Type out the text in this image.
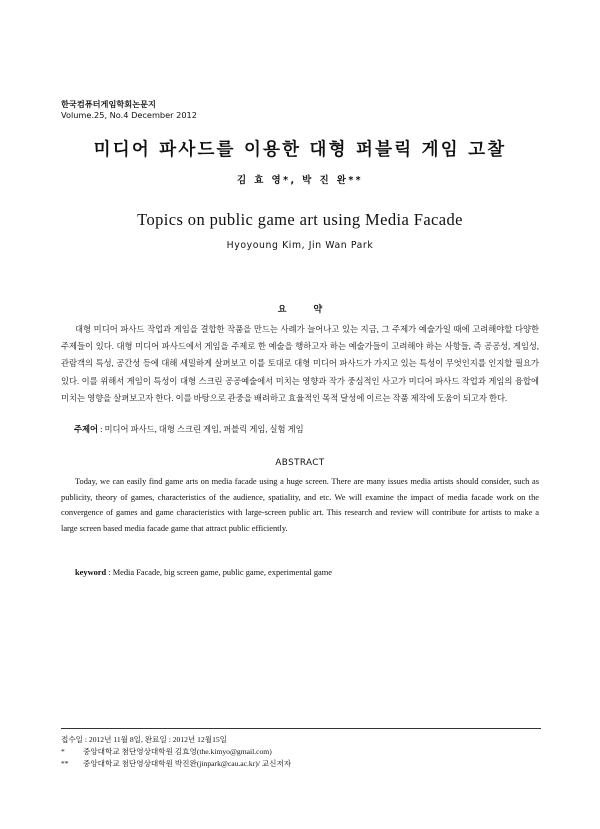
한국컴퓨터게임학회논문지
Volume.25, No.4 December 2012
미디어 파사드를 이용한 대형 퍼블릭 게임 고찰
김 효 영*, 박 진 완**
Topics on public game art using Media Facade
Hyoyoung Kim, Jin Wan Park
요 약

대형 미디어 파사드 작업과 게임을 결합한 작품을 만드는 사례가 늘어나고 있는 지금, 그 주제가 예술가일 때에 고려해야할 다양한 주제들이 있다. 대형 미디어 파사드에서 게임을 주제로 한 예술을 행하고자 하는 예술가들이 고려해야 하는 사항들, 즉 공공성, 게임성, 관람객의 특성, 공간성 등에 대해 세밀하게 살펴보고 이를 토대로 대형 미디어 파사드가 가지고 있는 특성이 무엇인지를 인지할 필요가 있다. 이를 위해서 게임이 특성이 대형 스크린 공공예술에서 미치는 영향과 작가 중심적인 사고가 미디어 파사드 작업과 게임의 융합에 미치는 영향을 살펴보고자 한다. 이를 바탕으로 관중을 배려하고 효율적인 목적 달성에 이르는 작품 제작에 도움이 되고자 한다.

주제어 : 미디어 파사드, 대형 스크린 게임, 퍼블릭 게임, 실험 게임
ABSTRACT

Today, we can easily find game arts on media facade using a huge screen. There are many issues media artists should consider, such as publicity, theory of games, characteristics of the audience, spatiality, and etc. We will examine the impact of media facade work on the convergence of games and game characteristics with large-screen public art. This research and review will contribute for artists to make a large screen based media facade game that attract public efficiently.

keyword : Media Facade, big screen game, public game, experimental game
접수일 : 2012년 11월 8일, 완료일 : 2012년 12월15일
* 중앙대학교 첨단영상대학원 김효영(the.kimyo@gmail.com)
** 중앙대학교 첨단영상대학원 박진완(jinpark@cau.ac.kr)/ 교신저자
